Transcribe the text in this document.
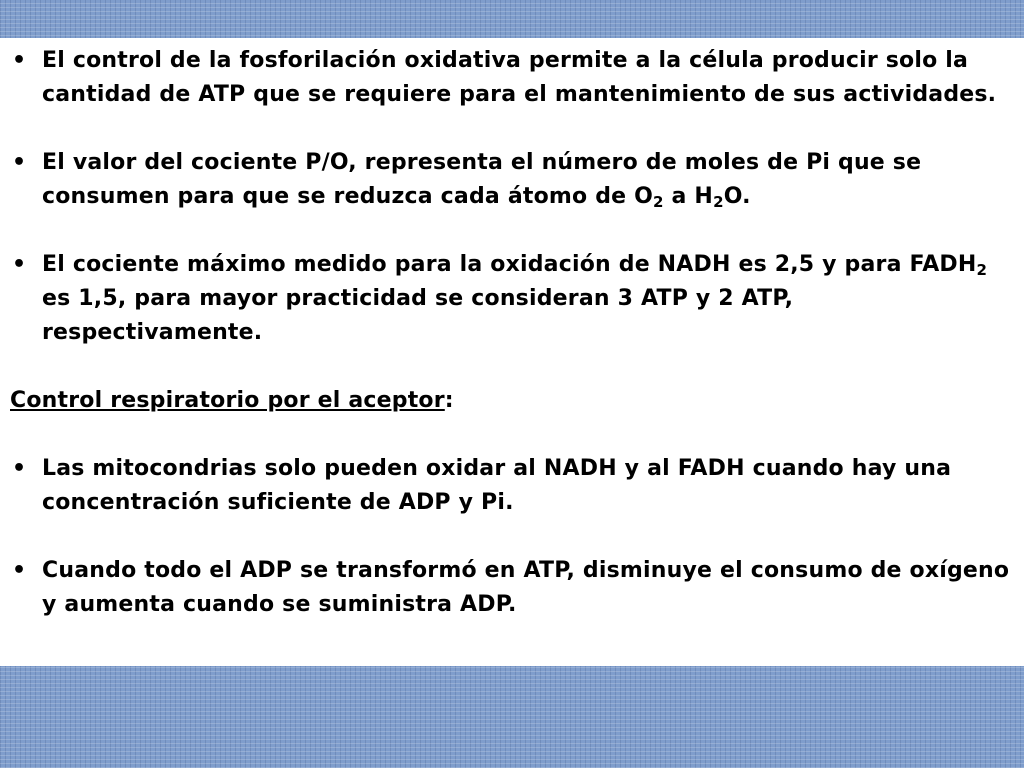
• El control de la fosforilación oxidativa permite a la célula producir solo la cantidad de ATP que se requiere para el mantenimiento de sus actividades.

• El valor del cociente P/O, representa el número de moles de Pi que se consumen para que se reduzca cada átomo de $O_2$ a $H_2O$.

• El cociente máximo medido para la oxidación de NADH es 2,5 y para $FADH_2$ es 1,5, para mayor practicidad se consideran 3 ATP y 2 ATP, respectivamente.

Control respiratorio por el aceptor:

• Las mitocondrias solo pueden oxidar al NADH y al FADH cuando hay una concentración suficiente de ADP y Pi.

• Cuando todo el ADP se transformó en ATP, disminuye el consumo de oxígeno y aumenta cuando se suministra ADP.
